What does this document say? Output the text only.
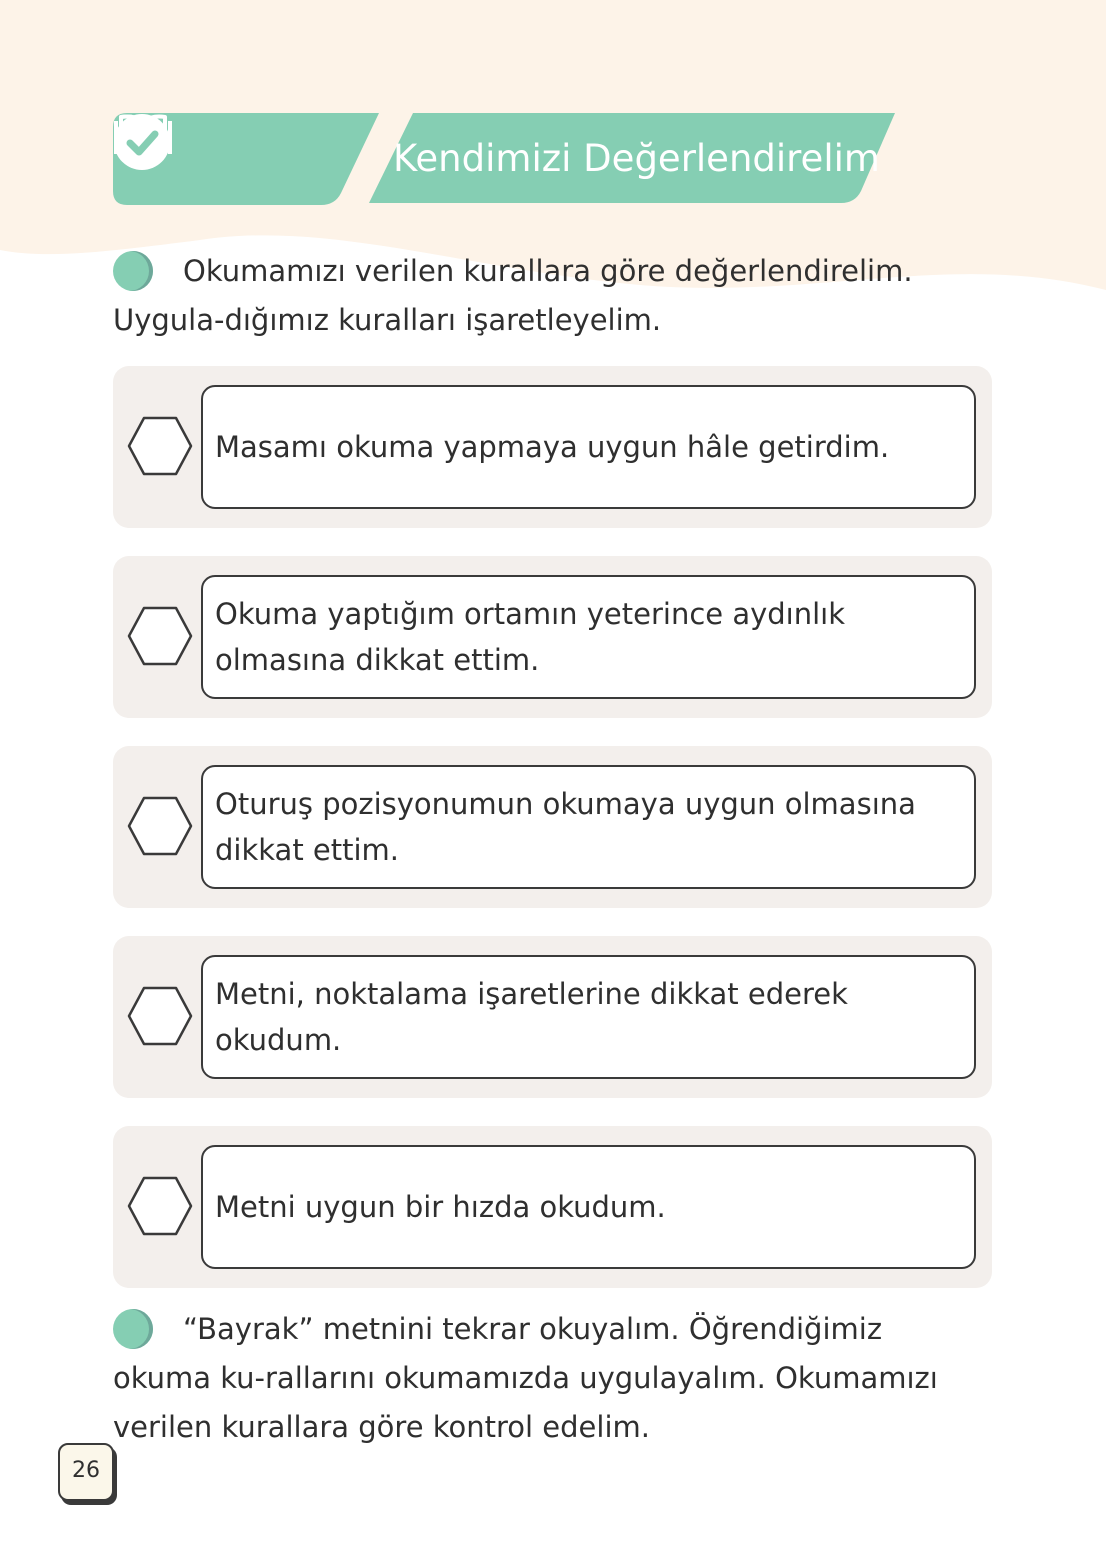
Kendimizi Değerlendirelim
Okumamızı verilen kurallara göre değerlendirelim. Uygula-dığımız kuralları işaretleyelim.
Masamı okuma yapmaya uygun hâle getirdim.
Okuma yaptığım ortamın yeterince aydınlık olmasına dikkat ettim.
Oturuş pozisyonumun okumaya uygun olmasına dikkat ettim.
Metni, noktalama işaretlerine dikkat ederek okudum.
Metni uygun bir hızda okudum.
“Bayrak” metnini tekrar okuyalım. Öğrendiğimiz okuma ku-rallarını okumamızda uygulayalım. Okumamızı verilen kurallara göre kontrol edelim.
26
